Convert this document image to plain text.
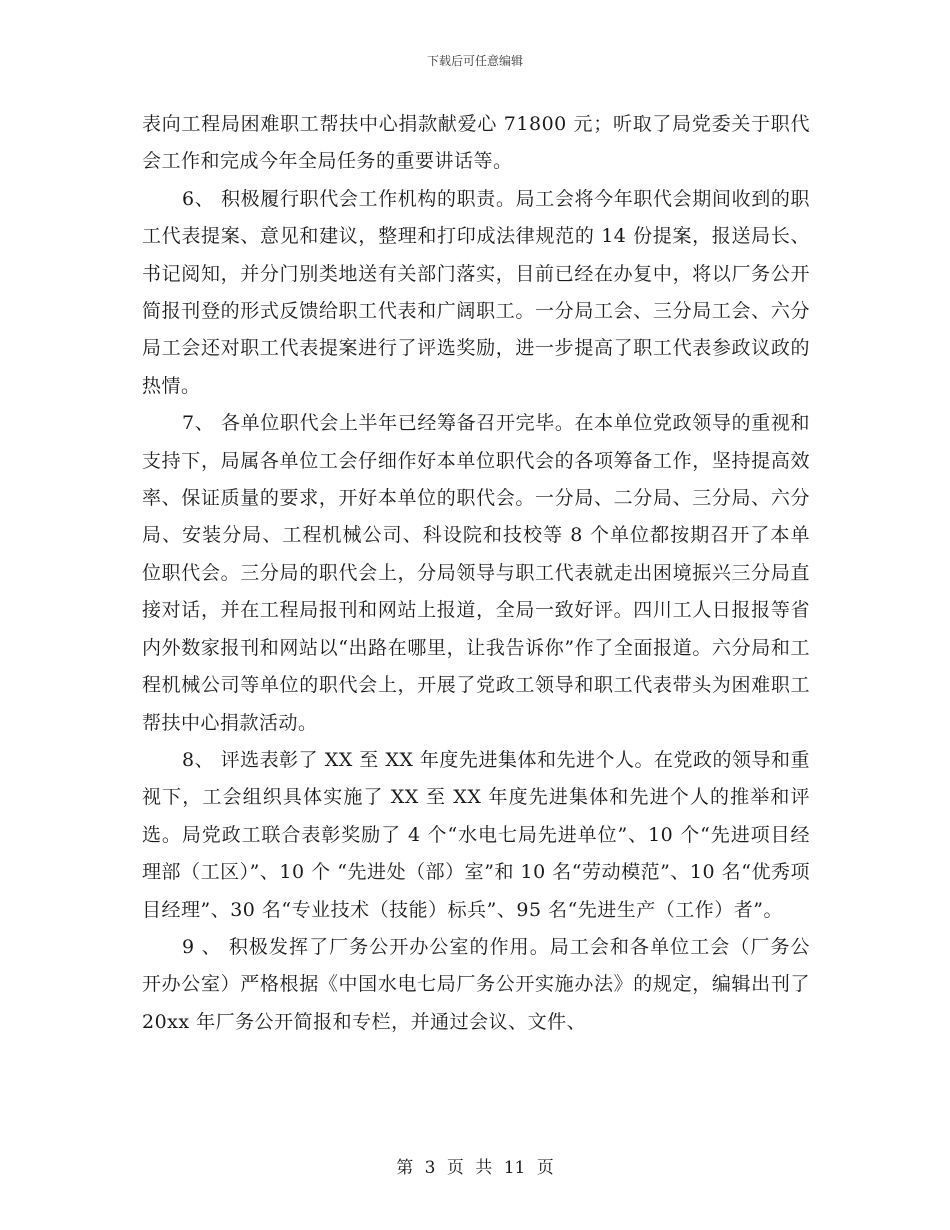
下载后可任意编辑

表向工程局困难职工帮扶中心捐款献爱心 71800 元；听取了局党委关于职代会工作和完成今年全局任务的重要讲话等。

6、 积极履行职代会工作机构的职责。局工会将今年职代会期间收到的职工代表提案、意见和建议，整理和打印成法律规范的 14 份提案，报送局长、书记阅知，并分门别类地送有关部门落实，目前已经在办复中，将以厂务公开简报刊登的形式反馈给职工代表和广阔职工。一分局工会、三分局工会、六分局工会还对职工代表提案进行了评选奖励，进一步提高了职工代表参政议政的热情。

7、 各单位职代会上半年已经筹备召开完毕。在本单位党政领导的重视和支持下，局属各单位工会仔细作好本单位职代会的各项筹备工作，坚持提高效率、保证质量的要求，开好本单位的职代会。一分局、二分局、三分局、六分局、安装分局、工程机械公司、科设院和技校等 8 个单位都按期召开了本单位职代会。三分局的职代会上，分局领导与职工代表就走出困境振兴三分局直接对话，并在工程局报刊和网站上报道，全局一致好评。四川工人日报报等省内外数家报刊和网站以“出路在哪里，让我告诉你”作了全面报道。六分局和工程机械公司等单位的职代会上，开展了党政工领导和职工代表带头为困难职工帮扶中心捐款活动。

8、 评选表彰了 XX 至 XX 年度先进集体和先进个人。在党政的领导和重视下，工会组织具体实施了 XX 至 XX 年度先进集体和先进个人的推举和评选。局党政工联合表彰奖励了 4 个“水电七局先进单位”、10 个“先进项目经理部（工区）”、10 个 “先进处（部）室”和 10 名“劳动模范”、10 名“优秀项目经理”、30 名“专业技术（技能）标兵”、95 名“先进生产（工作）者”。

9 、 积极发挥了厂务公开办公室的作用。局工会和各单位工会（厂务公开办公室）严格根据《中国水电七局厂务公开实施办法》的规定，编辑出刊了 20xx 年厂务公开简报和专栏，并通过会议、文件、

第 3 页 共 11 页
